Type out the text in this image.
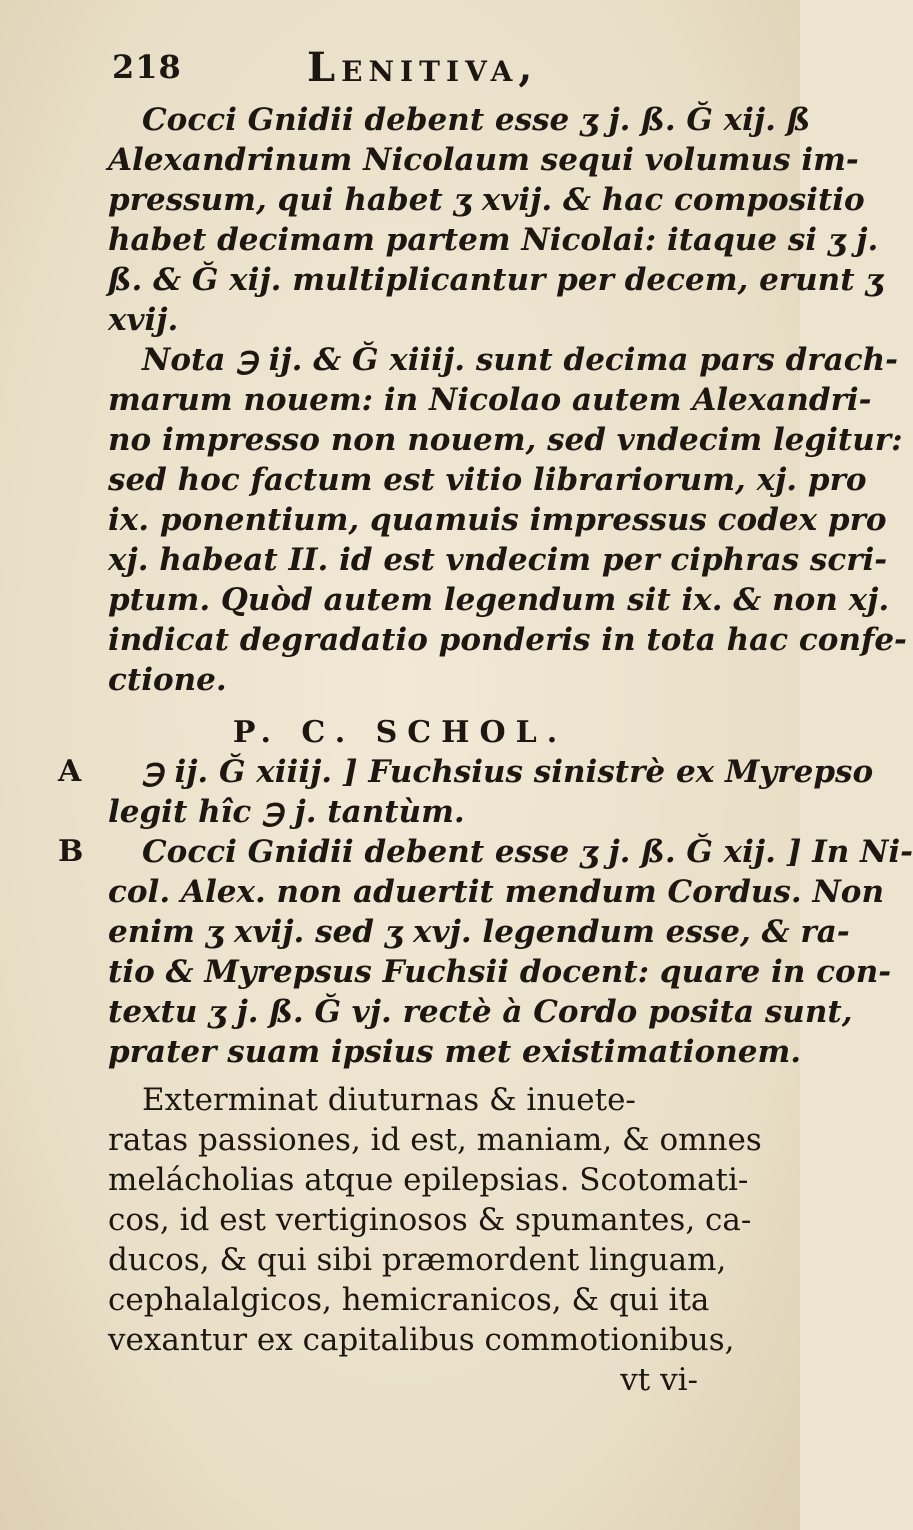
218	Lenitiva,
Cocci Gnidii debent esse ʒ j. ß. Ğ xij. ß
Alexandrinum Nicolaum sequi volumus im-
pressum, qui habet ʒ xvij. & hac compositio
habet decimam partem Nicolai: itaque si ʒ j.
ß. & Ğ xij. multiplicantur per decem, erunt ʒ
xvij.
Nota ℈ ij. & Ğ xiiij. sunt decima pars drach-
marum nouem: in Nicolao autem Alexandri-
no impresso non nouem, sed vndecim legitur:
sed hoc factum est vitio librariorum, xj. pro
ix. ponentium, quamuis impressus codex pro
xj. habeat II. id est vndecim per ciphras scri-
ptum. Quòd autem legendum sit ix. & non xj.
indicat degradatio ponderis in tota hac confe-
ctione.
P. C. SCHOL.
A	℈ ij. Ğ xiiij. ] Fuchsius sinistrè ex Myrepso
legit hîc ℈ j. tantùm.
B	Cocci Gnidii debent esse ʒ j. ß. Ğ xij. ] In Ni-
col. Alex. non aduertit mendum Cordus. Non
enim ʒ xvij. sed ʒ xvj. legendum esse, & ra-
tio & Myrepsus Fuchsii docent: quare in con-
textu ʒ j. ß. Ğ vj. rectè à Cordo posita sunt,
prater suam ipsius met existimationem.
Exterminat diuturnas & inuete-
ratas passiones, id est, maniam, & omnes
melácholias atque epilepsias. Scotomati-
cos, id est vertiginosos & spumantes, ca-
ducos, & qui sibi præmordent linguam,
cephalalgicos, hemicranicos, & qui ita
vexantur ex capitalibus commotionibus,
vt vi-
